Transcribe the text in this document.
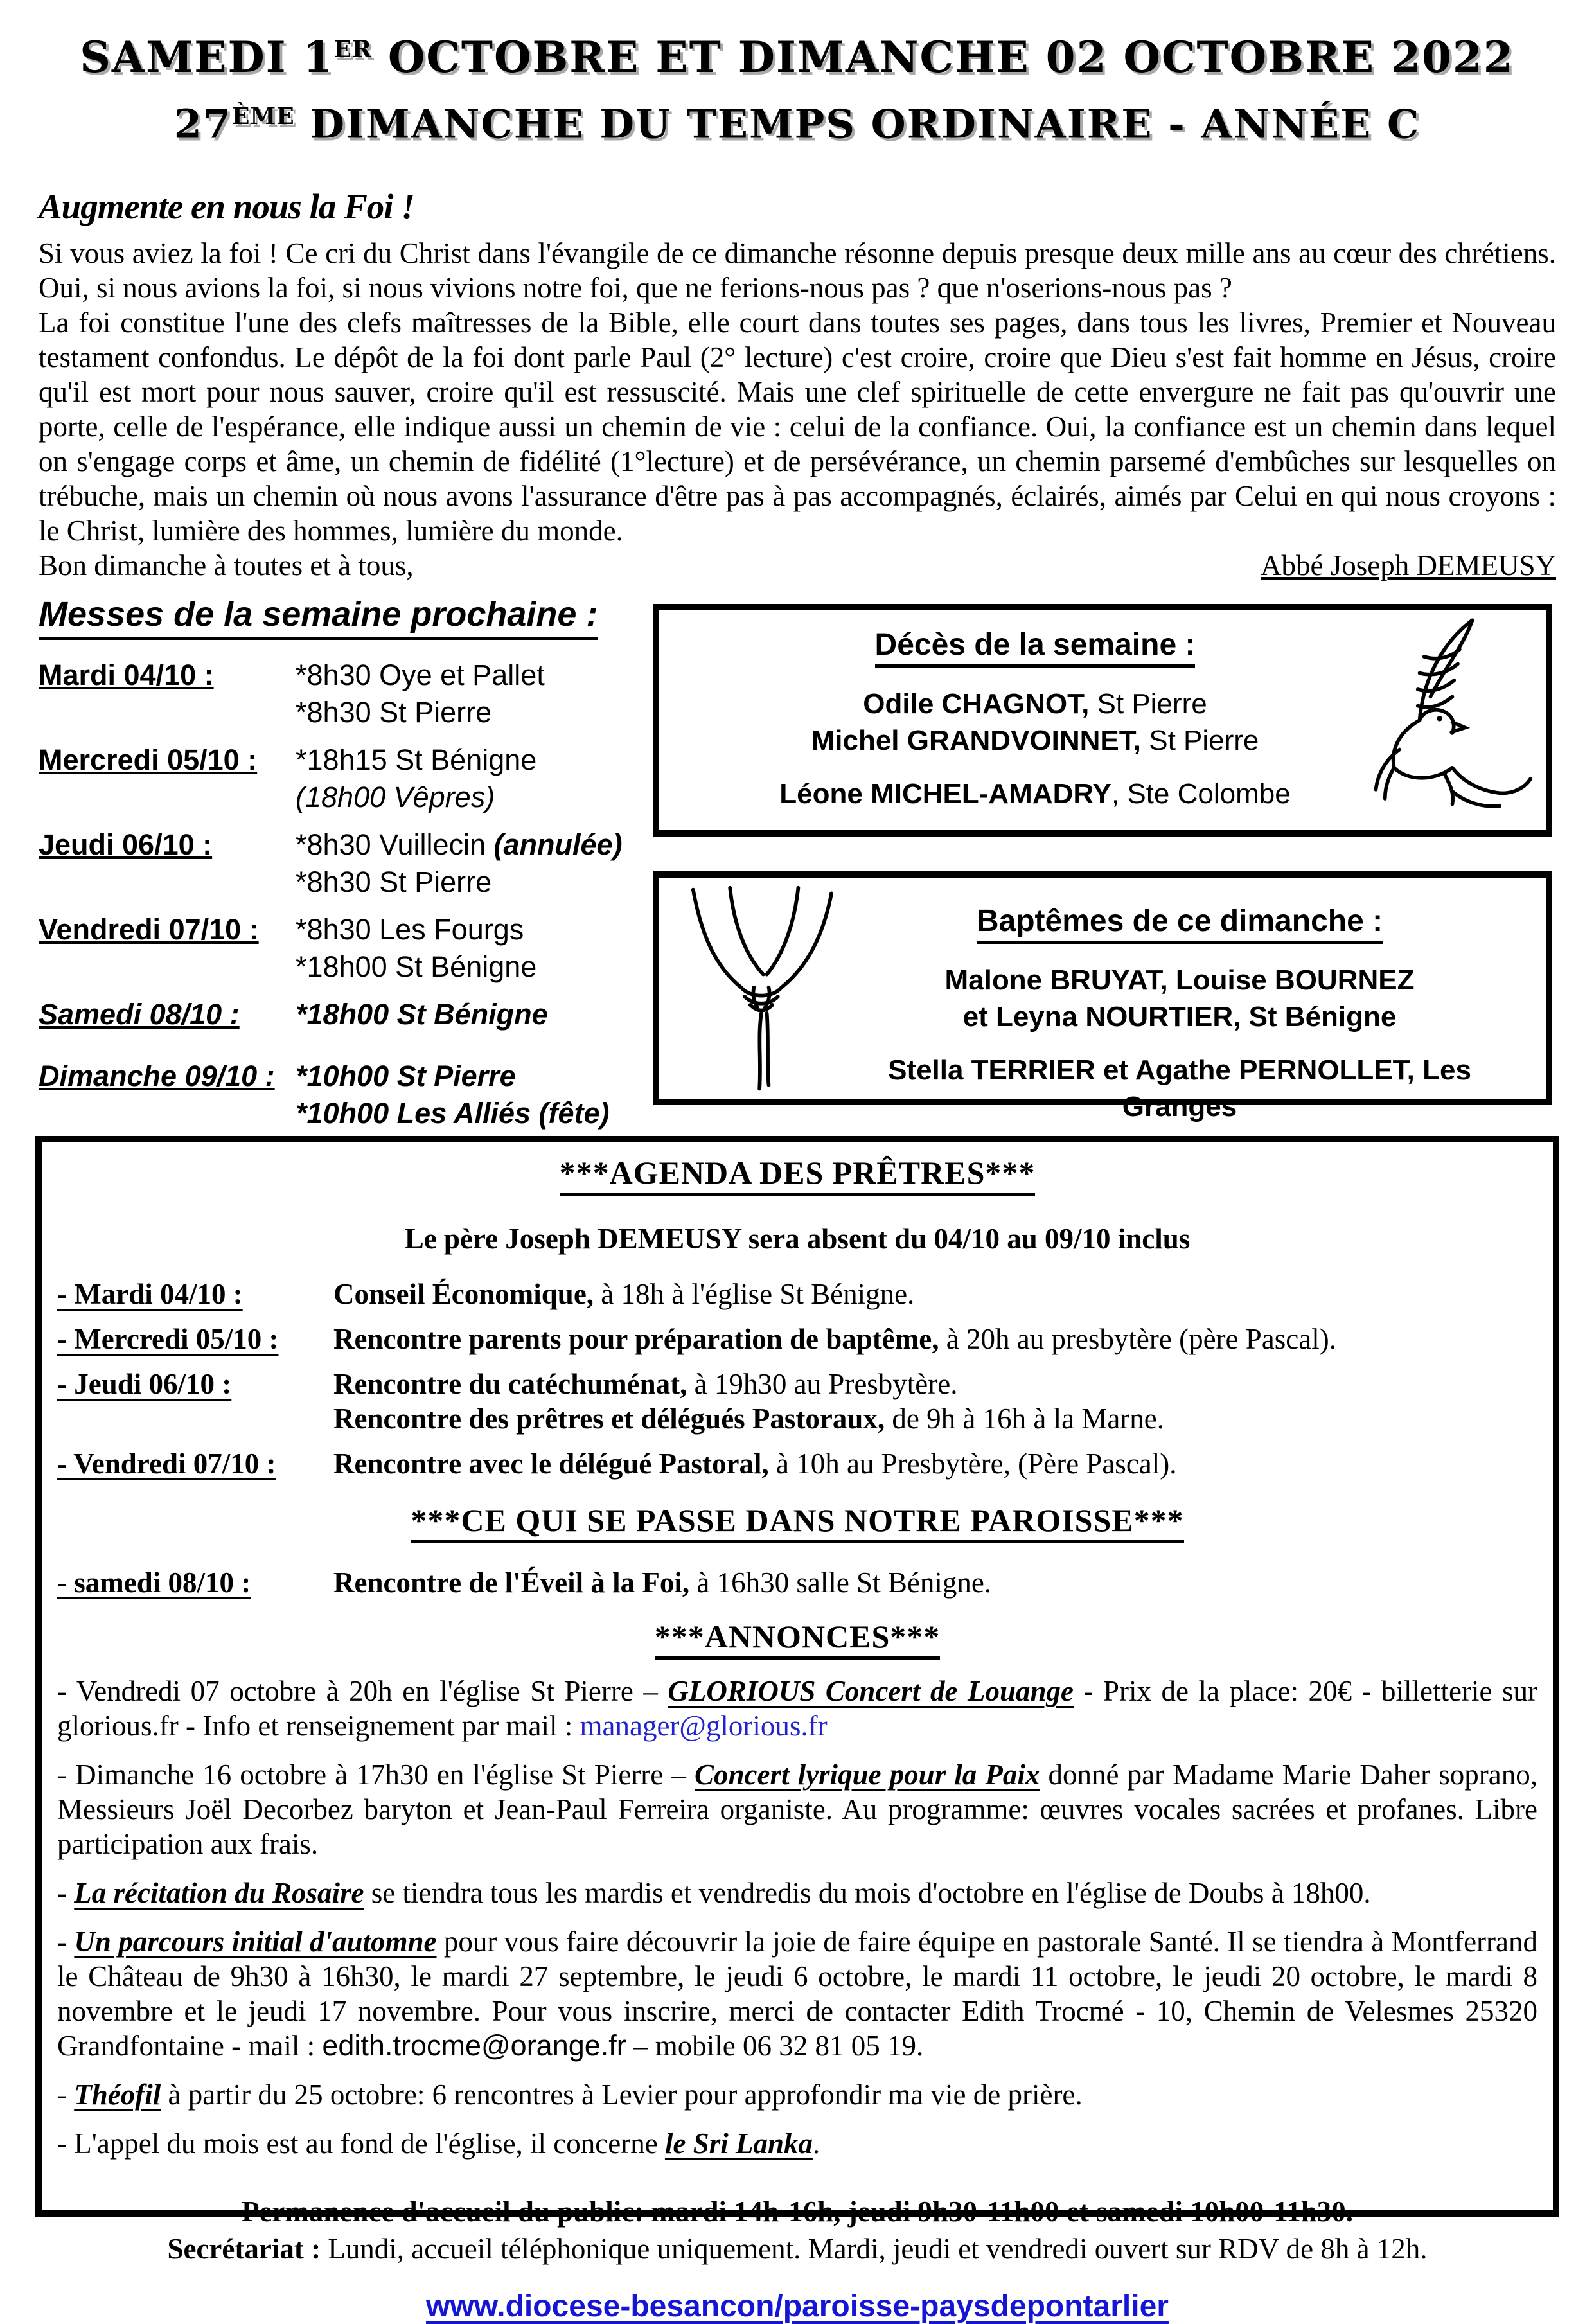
SAMEDI 1ER OCTOBRE ET DIMANCHE 02 OCTOBRE 2022
27ÈME DIMANCHE DU TEMPS ORDINAIRE - ANNÉE C
Augmente en nous la Foi !

Si vous aviez la foi ! Ce cri du Christ dans l'évangile de ce dimanche résonne depuis presque deux mille ans au cœur des chrétiens. Oui, si nous avions la foi, si nous vivions notre foi, que ne ferions-nous pas ? que n'oserions-nous pas ?

La foi constitue l'une des clefs maîtresses de la Bible, elle court dans toutes ses pages, dans tous les livres, Premier et Nouveau testament confondus. Le dépôt de la foi dont parle Paul (2° lecture) c'est croire, croire que Dieu s'est fait homme en Jésus, croire qu'il est mort pour nous sauver, croire qu'il est ressuscité. Mais une clef spirituelle de cette envergure ne fait pas qu'ouvrir une porte, celle de l'espérance, elle indique aussi un chemin de vie : celui de la confiance. Oui, la confiance est un chemin dans lequel on s'engage corps et âme, un chemin de fidélité (1°lecture) et de persévérance, un chemin parsemé d'embûches sur lesquelles on trébuche, mais un chemin où nous avons l'assurance d'être pas à pas accompagnés, éclairés, aimés par Celui en qui nous croyons : le Christ, lumière des hommes, lumière du monde.

Bon dimanche à toutes et à tous,	Abbé Joseph DEMEUSY
Messes de la semaine prochaine :
Mardi 04/10 :	*8h30 Oye et Pallet
*8h30 St Pierre
Mercredi 05/10 :	*18h15 St Bénigne
(18h00 Vêpres)
Jeudi 06/10 :	*8h30 Vuillecin (annulée)
*8h30 St Pierre
Vendredi 07/10 :	*8h30 Les Fourgs
*18h00 St Bénigne
Samedi 08/10 :	*18h00 St Bénigne
Dimanche 09/10 : *10h00 St Pierre
*10h00 Les Alliés (fête)
Décès de la semaine :

Odile CHAGNOT, St Pierre

Michel GRANDVOINNET, St Pierre

Léone MICHEL-AMADRY, Ste Colombe

Baptêmes de ce dimanche :

Malone BRUYAT, Louise BOURNEZ

et Leyna NOURTIER, St Bénigne

Stella TERRIER et Agathe PERNOLLET, Les Granges

***AGENDA DES PRÊTRES***

Le père Joseph DEMEUSY sera absent du 04/10 au 09/10 inclus

- Mardi 04/10 :	Conseil Économique, à 18h à l'église St Bénigne.
- Mercredi 05/10 :	Rencontre parents pour préparation de baptême, à 20h au presbytère (père Pascal).
- Jeudi 06/10 :	Rencontre du catéchuménat, à 19h30 au Presbytère.
Rencontre des prêtres et délégués Pastoraux, de 9h à 16h à la Marne.
- Vendredi 07/10 :	Rencontre avec le délégué Pastoral, à 10h au Presbytère, (Père Pascal).
***CE QUI SE PASSE DANS NOTRE PAROISSE***
- samedi 08/10 :	Rencontre de l'Éveil à la Foi, à 16h30 salle St Bénigne.
***ANNONCES***

- Vendredi 07 octobre à 20h en l'église St Pierre – GLORIOUS Concert de Louange - Prix de la place: 20€ - billetterie sur glorious.fr - Info et renseignement par mail : manager@glorious.fr

- Dimanche 16 octobre à 17h30 en l'église St Pierre – Concert lyrique pour la Paix donné par Madame Marie Daher soprano, Messieurs Joël Decorbez baryton et Jean-Paul Ferreira organiste. Au programme: œuvres vocales sacrées et profanes. Libre participation aux frais.

- La récitation du Rosaire se tiendra tous les mardis et vendredis du mois d'octobre en l'église de Doubs à 18h00.

- Un parcours initial d'automne pour vous faire découvrir la joie de faire équipe en pastorale Santé. Il se tiendra à Montferrand le Château de 9h30 à 16h30, le mardi 27 septembre, le jeudi 6 octobre, le mardi 11 octobre, le jeudi 20 octobre, le mardi 8 novembre et le jeudi 17 novembre. Pour vous inscrire, merci de contacter Edith Trocmé - 10, Chemin de Velesmes 25320 Grandfontaine - mail : edith.trocme@orange.fr – mobile 06 32 81 05 19.

- Théofil à partir du 25 octobre: 6 rencontres à Levier pour approfondir ma vie de prière.

- L'appel du mois est au fond de l'église, il concerne le Sri Lanka.

Permanence d'accueil du public: mardi 14h-16h, jeudi 9h30-11h00 et samedi 10h00-11h30.

Secrétariat : Lundi, accueil téléphonique uniquement. Mardi, jeudi et vendredi ouvert sur RDV de 8h à 12h.

www.diocese-besancon/paroisse-paysdepontarlier
